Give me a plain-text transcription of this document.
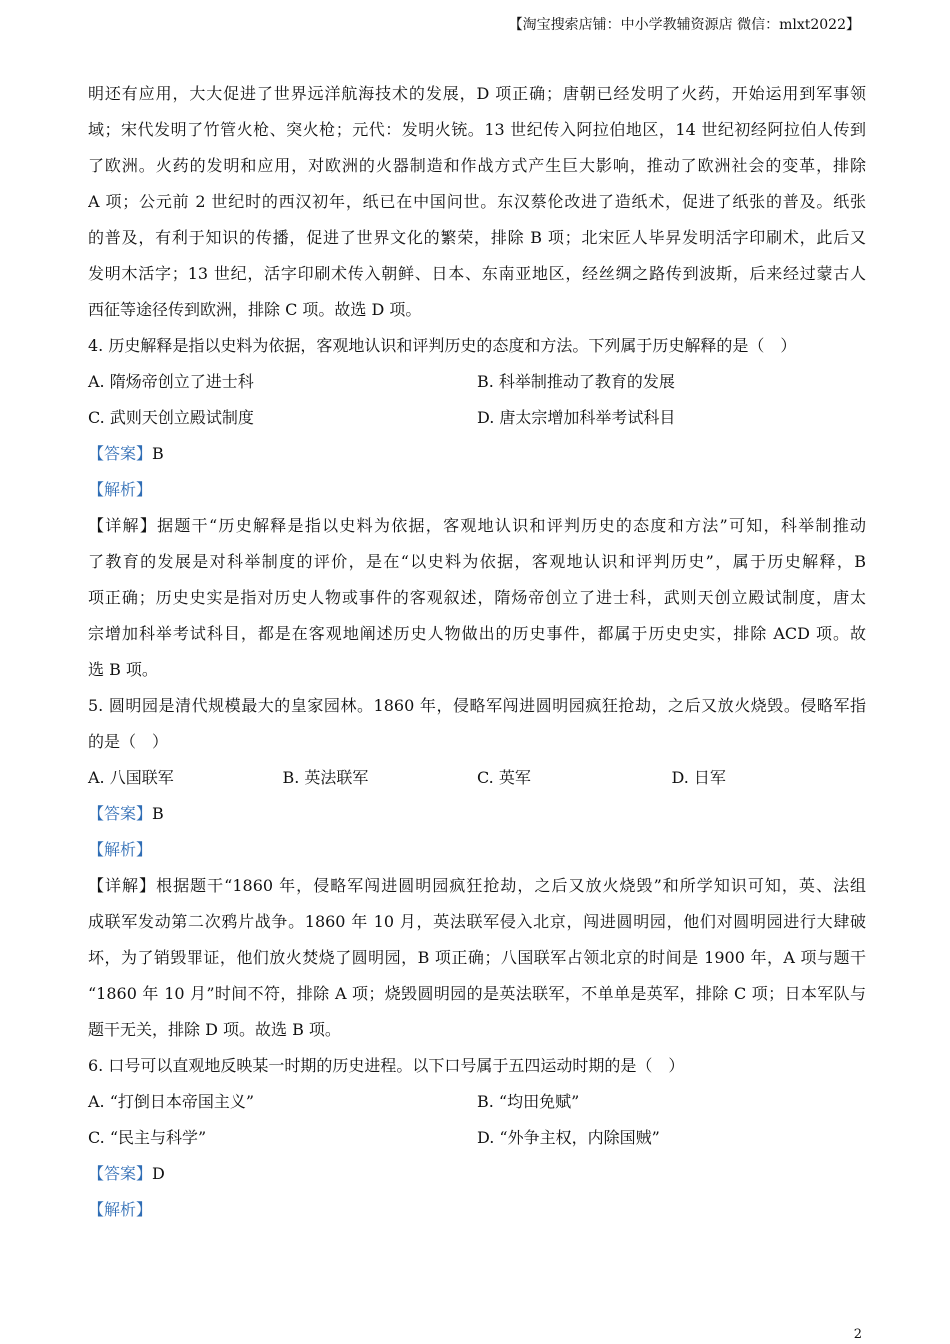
【淘宝搜索店铺：中小学教辅资源店 微信：mlxt2022】
明还有应用，大大促进了世界远洋航海技术的发展，D 项正确；唐朝已经发明了火药，开始运用到军事领
域；宋代发明了竹管火枪、突火枪；元代：发明火铳。13 世纪传入阿拉伯地区，14 世纪初经阿拉伯人传到
了欧洲。火药的发明和应用，对欧洲的火器制造和作战方式产生巨大影响，推动了欧洲社会的变革，排除
A 项；公元前 2 世纪时的西汉初年，纸已在中国问世。东汉蔡伦改进了造纸术，促进了纸张的普及。纸张
的普及，有利于知识的传播，促进了世界文化的繁荣，排除 B 项；北宋匠人毕昇发明活字印刷术，此后又
发明木活字；13 世纪，活字印刷术传入朝鲜、日本、东南亚地区，经丝绸之路传到波斯，后来经过蒙古人
西征等途径传到欧洲，排除 C 项。故选 D 项。
4. 历史解释是指以史料为依据，客观地认识和评判历史的态度和方法。下列属于历史解释的是（　）
A. 隋炀帝创立了进士科	B. 科举制推动了教育的发展
C. 武则天创立殿试制度	D. 唐太宗增加科举考试科目
【答案】B
【解析】
【详解】据题干“历史解释是指以史料为依据，客观地认识和评判历史的态度和方法”可知，科举制推动
了教育的发展是对科举制度的评价，是在“以史料为依据，客观地认识和评判历史”，属于历史解释，B
项正确；历史史实是指对历史人物或事件的客观叙述，隋炀帝创立了进士科，武则天创立殿试制度，唐太
宗增加科举考试科目，都是在客观地阐述历史人物做出的历史事件，都属于历史史实，排除 ACD 项。故
选 B 项。
5. 圆明园是清代规模最大的皇家园林。1860 年，侵略军闯进圆明园疯狂抢劫，之后又放火烧毁。侵略军指
的是（　）
A. 八国联军	B. 英法联军	C. 英军	D. 日军
【答案】B
【解析】
【详解】根据题干“1860 年，侵略军闯进圆明园疯狂抢劫，之后又放火烧毁”和所学知识可知，英、法组
成联军发动第二次鸦片战争。1860 年 10 月，英法联军侵入北京，闯进圆明园，他们对圆明园进行大肆破
坏，为了销毁罪证，他们放火焚烧了圆明园，B 项正确；八国联军占领北京的时间是 1900 年，A 项与题干
“1860 年 10 月”时间不符，排除 A 项；烧毁圆明园的是英法联军，不单单是英军，排除 C 项；日本军队与
题干无关，排除 D 项。故选 B 项。
6. 口号可以直观地反映某一时期的历史进程。以下口号属于五四运动时期的是（　）
A. “打倒日本帝国主义”	B. “均田免赋”
C. “民主与科学”	D. “外争主权，内除国贼”
【答案】D
【解析】
2
